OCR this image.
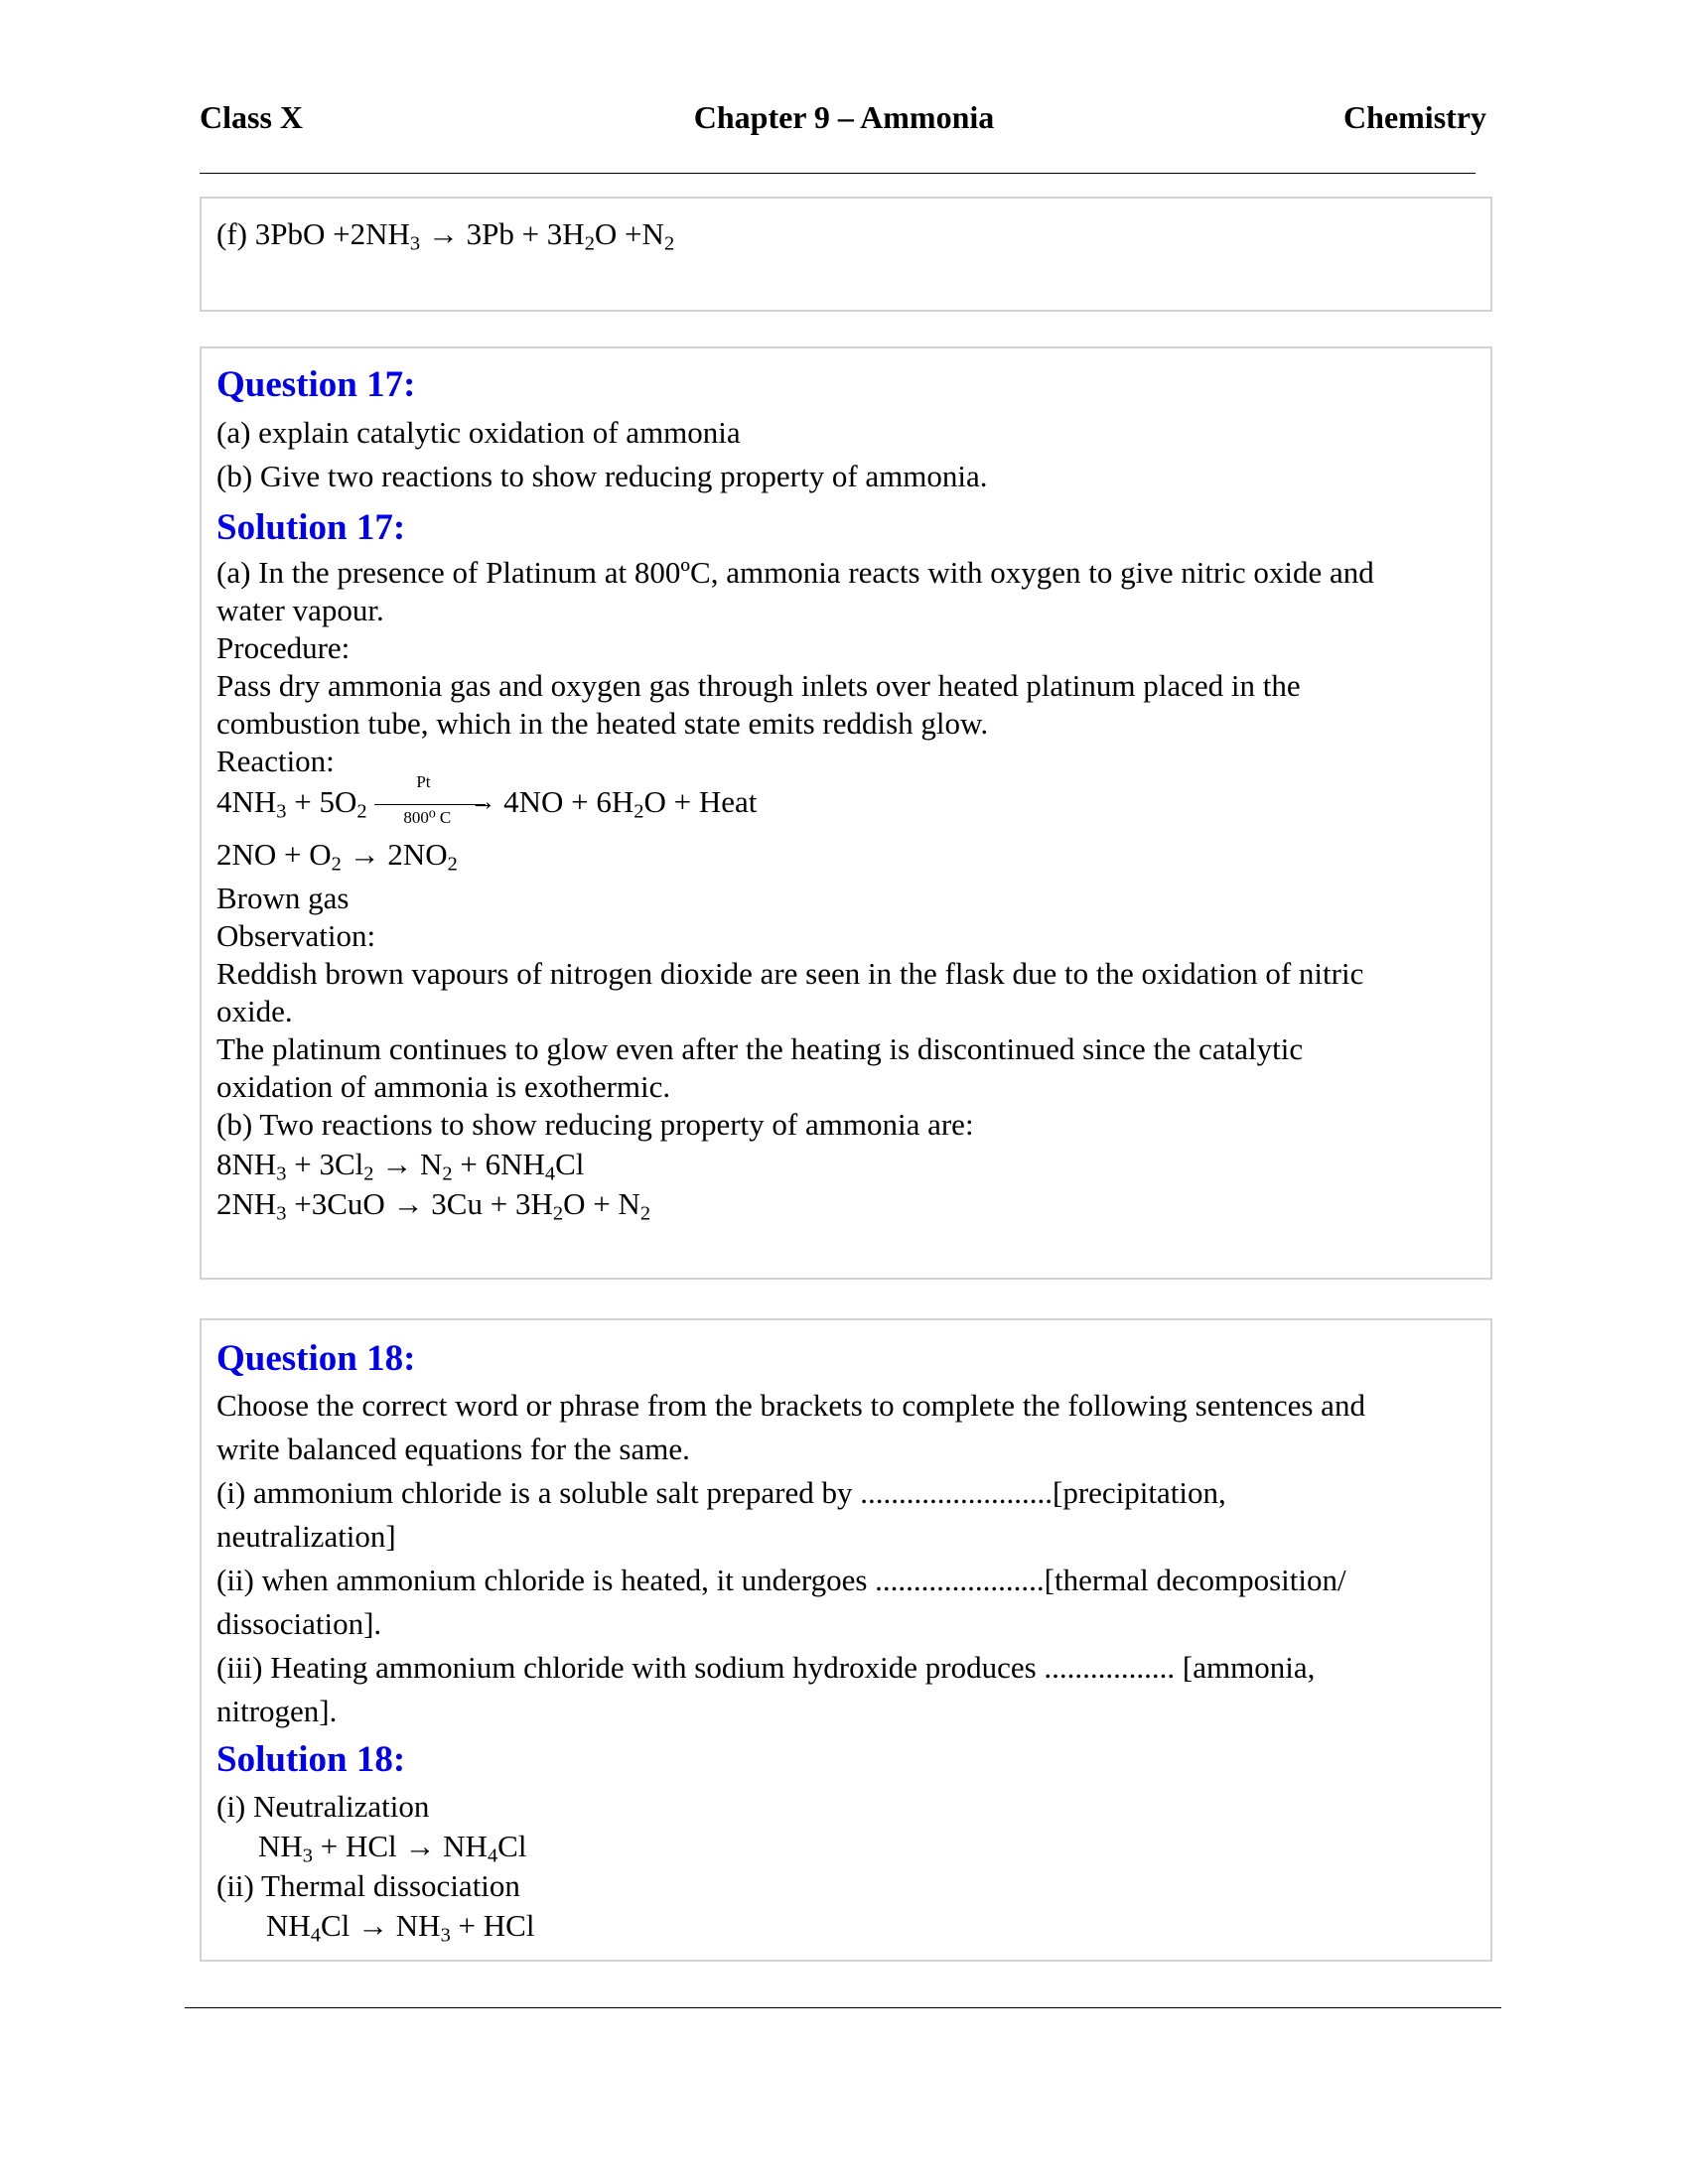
Class X	Chapter 9 – Ammonia	Chemistry
(f) $3PbO +2NH_3 \to 3Pb + 3H_2O +N_2$
Question 17:
(a) explain catalytic oxidation of ammonia
(b) Give two reactions to show reducing property of ammonia.
Solution 17:
(a) In the presence of Platinum at 800ºC, ammonia reacts with oxygen to give nitric oxide and
water vapour.
Procedure:
Pass dry ammonia gas and oxygen gas through inlets over heated platinum placed in the
combustion tube, which in the heated state emits reddish glow.
Reaction:
$4NH_3 + 5O_2$	→
Pt
800⁰ C $4NO + 6H_2O$ + Heat
$2NO + O_2 \to 2NO_2$
Brown gas
Observation:
Reddish brown vapours of nitrogen dioxide are seen in the flask due to the oxidation of nitric
oxide.
The platinum continues to glow even after the heating is discontinued since the catalytic
oxidation of ammonia is exothermic.
(b) Two reactions to show reducing property of ammonia are:
$8NH_3 + 3Cl_2 \to N_2 + 6NH_4Cl$
$2NH_3 +3CuO \to 3Cu + 3H_2O + N_2$
Question 18:
Choose the correct word or phrase from the brackets to complete the following sentences and
write balanced equations for the same.
(i) ammonium chloride is a soluble salt prepared by .........................[precipitation,
neutralization]
(ii) when ammonium chloride is heated, it undergoes ......................[thermal decomposition/
dissociation].
(iii) Heating ammonium chloride with sodium hydroxide produces ................. [ammonia,
nitrogen].
Solution 18:
(i) Neutralization
$NH_3$ + HCl → $NH_4Cl$
(ii) Thermal dissociation
$NH_4Cl \to NH_3$ + HCl
